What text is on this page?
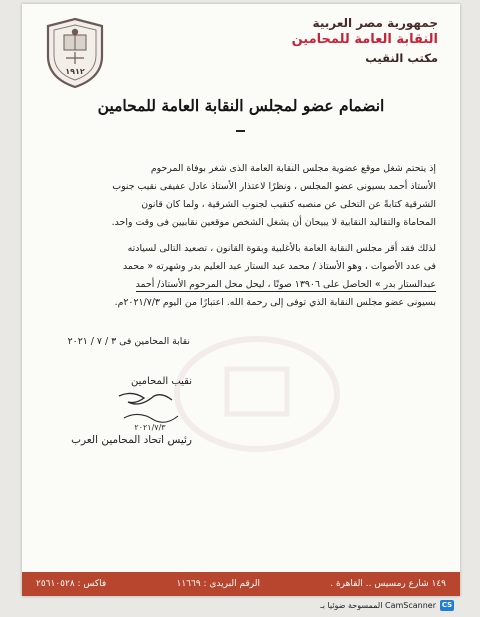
١٩١٢
جمهورية مصر العربية
النقابة العامة للمحامين
مكتب النقيب
انضمام عضو لمجلس النقابة العامة للمحامين
إذ يتحتم شغل موقع عضوية مجلس النقابة العامة الذى شغر بوفاة المرحوم
الأستاذ أحمد بسيونى عضو المجلس ، ونظرًا لاعتذار الأستاذ عادل عفيفى نقيب جنوب
الشرقية كتابةً عن التخلى عن منصبه كنقيب لجنوب الشرقية ، ولما كان قانون
المحاماة والتقاليد النقابية لا يبيحان أن يشغل الشخص موقعين نقابيين فى وقت واحد.
لذلك فقد أقر مجلس النقابة العامة بالأغلبية وبقوة القانون ، تصعيد التالى لسيادته
فى عدد الأصوات ، وهو الأستاذ / محمد عبد الستار عبد العليم بدر وشهرته « محمد
عبدالستار بدر » الحاصل على ١٣٩٠٦ صوتًا ، ليحل محل المرحوم الأستاذ/ أحمد
بسيونى عضو مجلس النقابة الذي توفى إلى رحمة الله. اعتبارًا من اليوم ٢٠٢١/٧/٣م.
نقابة المحامين فى ٣ / ٧ / ٢٠٢١
نقيب المحامين
٢٠٢١/٧/٣
رئيس اتحاد المحامين العرب
١٤٩ شارع رمسيس .. القاهرة .
الرقم البريدى : ١١٦٦٩
فاكس : ٢٥٦١٠٥٢٨
الممسوحة ضوئيا بـ CamScanner CS
